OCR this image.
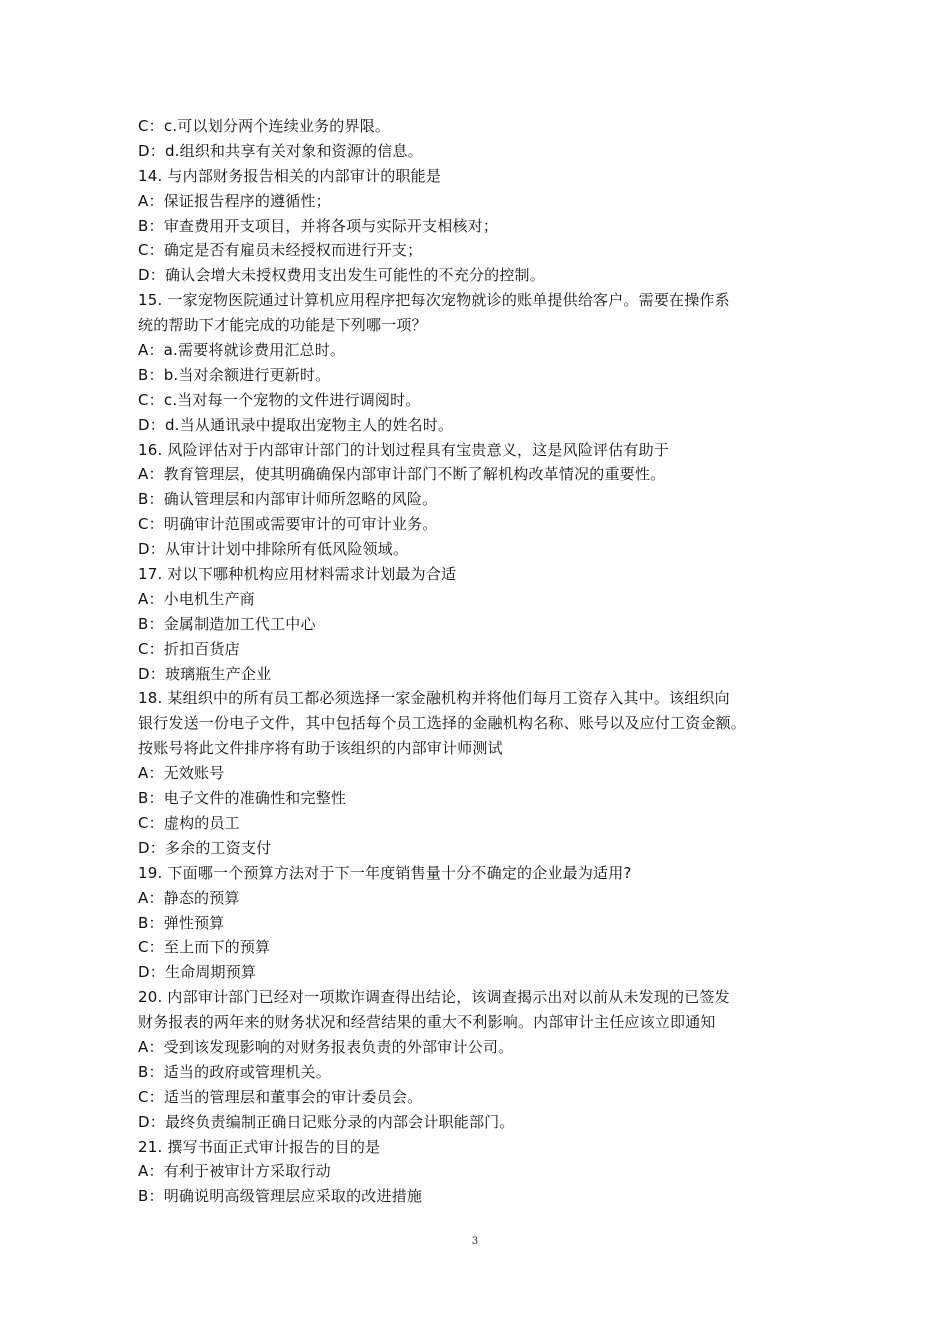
C：c.可以划分两个连续业务的界限。
D：d.组织和共享有关对象和资源的信息。
14. 与内部财务报告相关的内部审计的职能是
A：保证报告程序的遵循性；
B：审查费用开支项目，并将各项与实际开支相核对；
C：确定是否有雇员未经授权而进行开支；
D：确认会增大未授权费用支出发生可能性的不充分的控制。
15. 一家宠物医院通过计算机应用程序把每次宠物就诊的账单提供给客户。需要在操作系
统的帮助下才能完成的功能是下列哪一项？
A：a.需要将就诊费用汇总时。
B：b.当对余额进行更新时。
C：c.当对每一个宠物的文件进行调阅时。
D：d.当从通讯录中提取出宠物主人的姓名时。
16. 风险评估对于内部审计部门的计划过程具有宝贵意义，这是风险评估有助于
A：教育管理层，使其明确确保内部审计部门不断了解机构改革情况的重要性。
B：确认管理层和内部审计师所忽略的风险。
C：明确审计范围或需要审计的可审计业务。
D：从审计计划中排除所有低风险领域。
17. 对以下哪种机构应用材料需求计划最为合适
A：小电机生产商
B：金属制造加工代工中心
C：折扣百货店
D：玻璃瓶生产企业
18. 某组织中的所有员工都必须选择一家金融机构并将他们每月工资存入其中。该组织向
银行发送一份电子文件，其中包括每个员工选择的金融机构名称、账号以及应付工资金额。
按账号将此文件排序将有助于该组织的内部审计师测试
A：无效账号
B：电子文件的准确性和完整性
C：虚构的员工
D：多余的工资支付
19. 下面哪一个预算方法对于下一年度销售量十分不确定的企业最为适用?
A：静态的预算
B：弹性预算
C：至上而下的预算
D：生命周期预算
20. 内部审计部门已经对一项欺诈调查得出结论，该调查揭示出对以前从未发现的已签发
财务报表的两年来的财务状况和经营结果的重大不利影响。内部审计主任应该立即通知
A：受到该发现影响的对财务报表负责的外部审计公司。
B：适当的政府或管理机关。
C：适当的管理层和董事会的审计委员会。
D：最终负责编制正确日记账分录的内部会计职能部门。
21. 撰写书面正式审计报告的目的是
A：有利于被审计方采取行动
B：明确说明高级管理层应采取的改进措施
3
